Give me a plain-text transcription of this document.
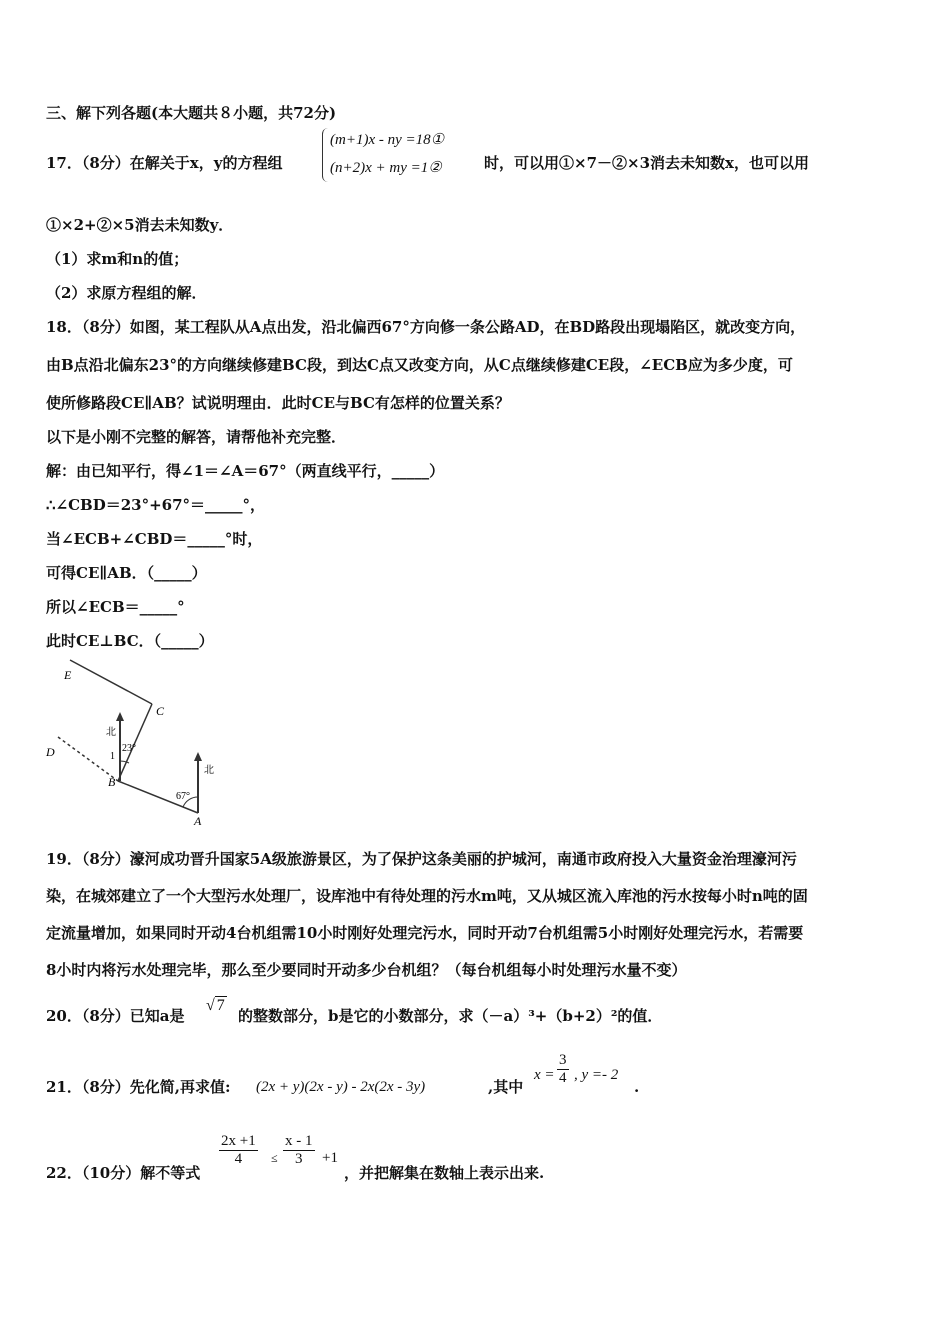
三、解下列各题(本大题共８小题，共72分)
17．（8分）在解关于x，y的方程组
(m+1)x - ny =18①
(n+2)x + my =1②	时，可以用①×7－②×3消去未知数x，也可以用
①×2+②×5消去未知数y．
（1）求m和n的值；
（2）求原方程组的解．
18．（8分）如图，某工程队从A点出发，沿北偏西67°方向修一条公路AD，在BD路段出现塌陷区，就改变方向，
由B点沿北偏东23°的方向继续修建BC段，到达C点又改变方向，从C点继续修建CE段，∠ECB应为多少度，可
使所修路段CE∥AB？试说明理由．此时CE与BC有怎样的位置关系？
以下是小刚不完整的解答，请帮他补充完整．
解：由已知平行，得∠1＝∠A＝67°（两直线平行，_____）
∴∠CBD＝23°+67°＝_____°，
当∠ECB+∠CBD＝_____°时，
可得CE∥AB．（_____）
所以∠ECB＝_____°
此时CE⊥BC．（_____）
E
C
D
B
A
北
北
23°
1
67°
19．（8分）濠河成功晋升国家5A级旅游景区，为了保护这条美丽的护城河，南通市政府投入大量资金治理濠河污
染，在城郊建立了一个大型污水处理厂，设库池中有待处理的污水m吨，又从城区流入库池的污水按每小时n吨的固
定流量增加，如果同时开动4台机组需10小时刚好处理完污水，同时开动7台机组需5小时刚好处理完污水，若需要
8小时内将污水处理完毕，那么至少要同时开动多少台机组？（每台机组每小时处理污水量不变）
20．（8分）已知a是
√ 7
的整数部分，b是它的小数部分，求（－a）³+（b+2）²的值．
21．（8分）先化简,再求值: (2x + y)(2x - y) - 2x(2x - 3y)	,其中
$x = \frac{3}{4}$ , y =- 2
.
22．（10分）解不等式
$\frac{2x +1}{4} \le \frac{x - 1}{3} +1$
，并把解集在数轴上表示出来.
